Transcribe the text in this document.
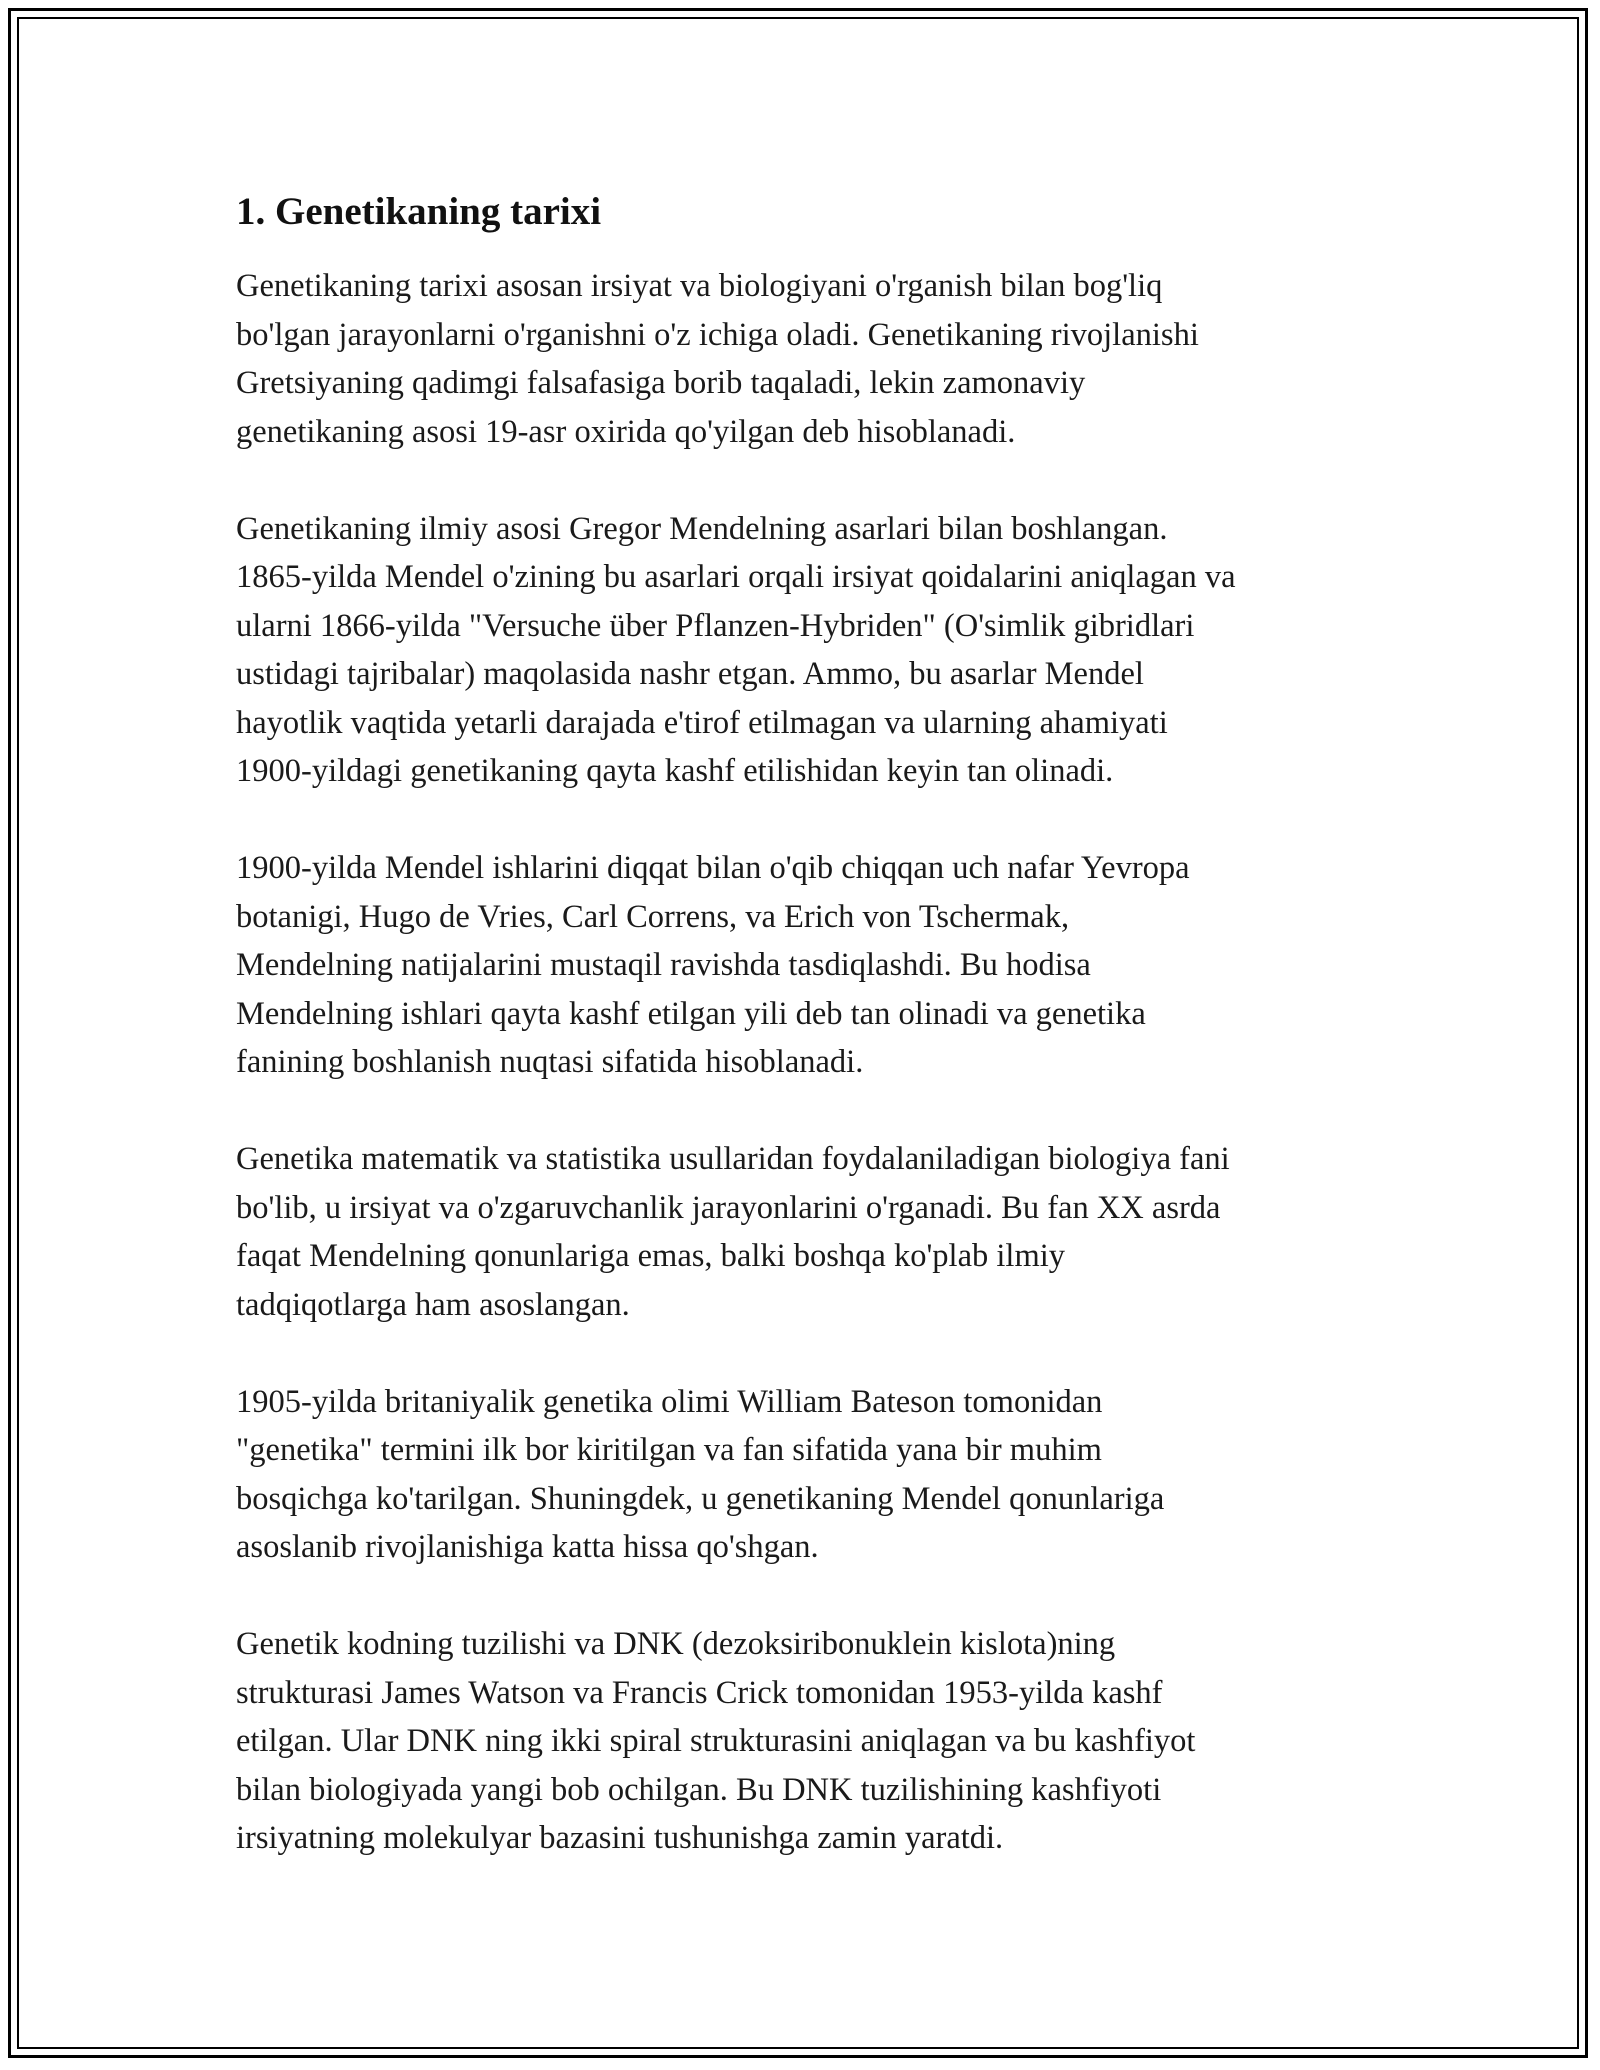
1. Genetikaning tarixi

Genetikaning tarixi asosan irsiyat va biologiyani o'rganish bilan bog'liq
bo'lgan jarayonlarni o'rganishni o'z ichiga oladi. Genetikaning rivojlanishi
Gretsiyaning qadimgi falsafasiga borib taqaladi, lekin zamonaviy
genetikaning asosi 19-asr oxirida qo'yilgan deb hisoblanadi.

Genetikaning ilmiy asosi Gregor Mendelning asarlari bilan boshlangan.
1865-yilda Mendel o'zining bu asarlari orqali irsiyat qoidalarini aniqlagan va
ularni 1866-yilda "Versuche über Pflanzen-Hybriden" (O'simlik gibridlari
ustidagi tajribalar) maqolasida nashr etgan. Ammo, bu asarlar Mendel
hayotlik vaqtida yetarli darajada e'tirof etilmagan va ularning ahamiyati
1900-yildagi genetikaning qayta kashf etilishidan keyin tan olinadi.

1900-yilda Mendel ishlarini diqqat bilan o'qib chiqqan uch nafar Yevropa
botanigi, Hugo de Vries, Carl Correns, va Erich von Tschermak,
Mendelning natijalarini mustaqil ravishda tasdiqlashdi. Bu hodisa
Mendelning ishlari qayta kashf etilgan yili deb tan olinadi va genetika
fanining boshlanish nuqtasi sifatida hisoblanadi.

Genetika matematik va statistika usullaridan foydalaniladigan biologiya fani
bo'lib, u irsiyat va o'zgaruvchanlik jarayonlarini o'rganadi. Bu fan XX asrda
faqat Mendelning qonunlariga emas, balki boshqa ko'plab ilmiy
tadqiqotlarga ham asoslangan.

1905-yilda britaniyalik genetika olimi William Bateson tomonidan
"genetika" termini ilk bor kiritilgan va fan sifatida yana bir muhim
bosqichga ko'tarilgan. Shuningdek, u genetikaning Mendel qonunlariga
asoslanib rivojlanishiga katta hissa qo'shgan.

Genetik kodning tuzilishi va DNK (dezoksiribonuklein kislota)ning
strukturasi James Watson va Francis Crick tomonidan 1953-yilda kashf
etilgan. Ular DNK ning ikki spiral strukturasini aniqlagan va bu kashfiyot
bilan biologiyada yangi bob ochilgan. Bu DNK tuzilishining kashfiyoti
irsiyatning molekulyar bazasini tushunishga zamin yaratdi.
